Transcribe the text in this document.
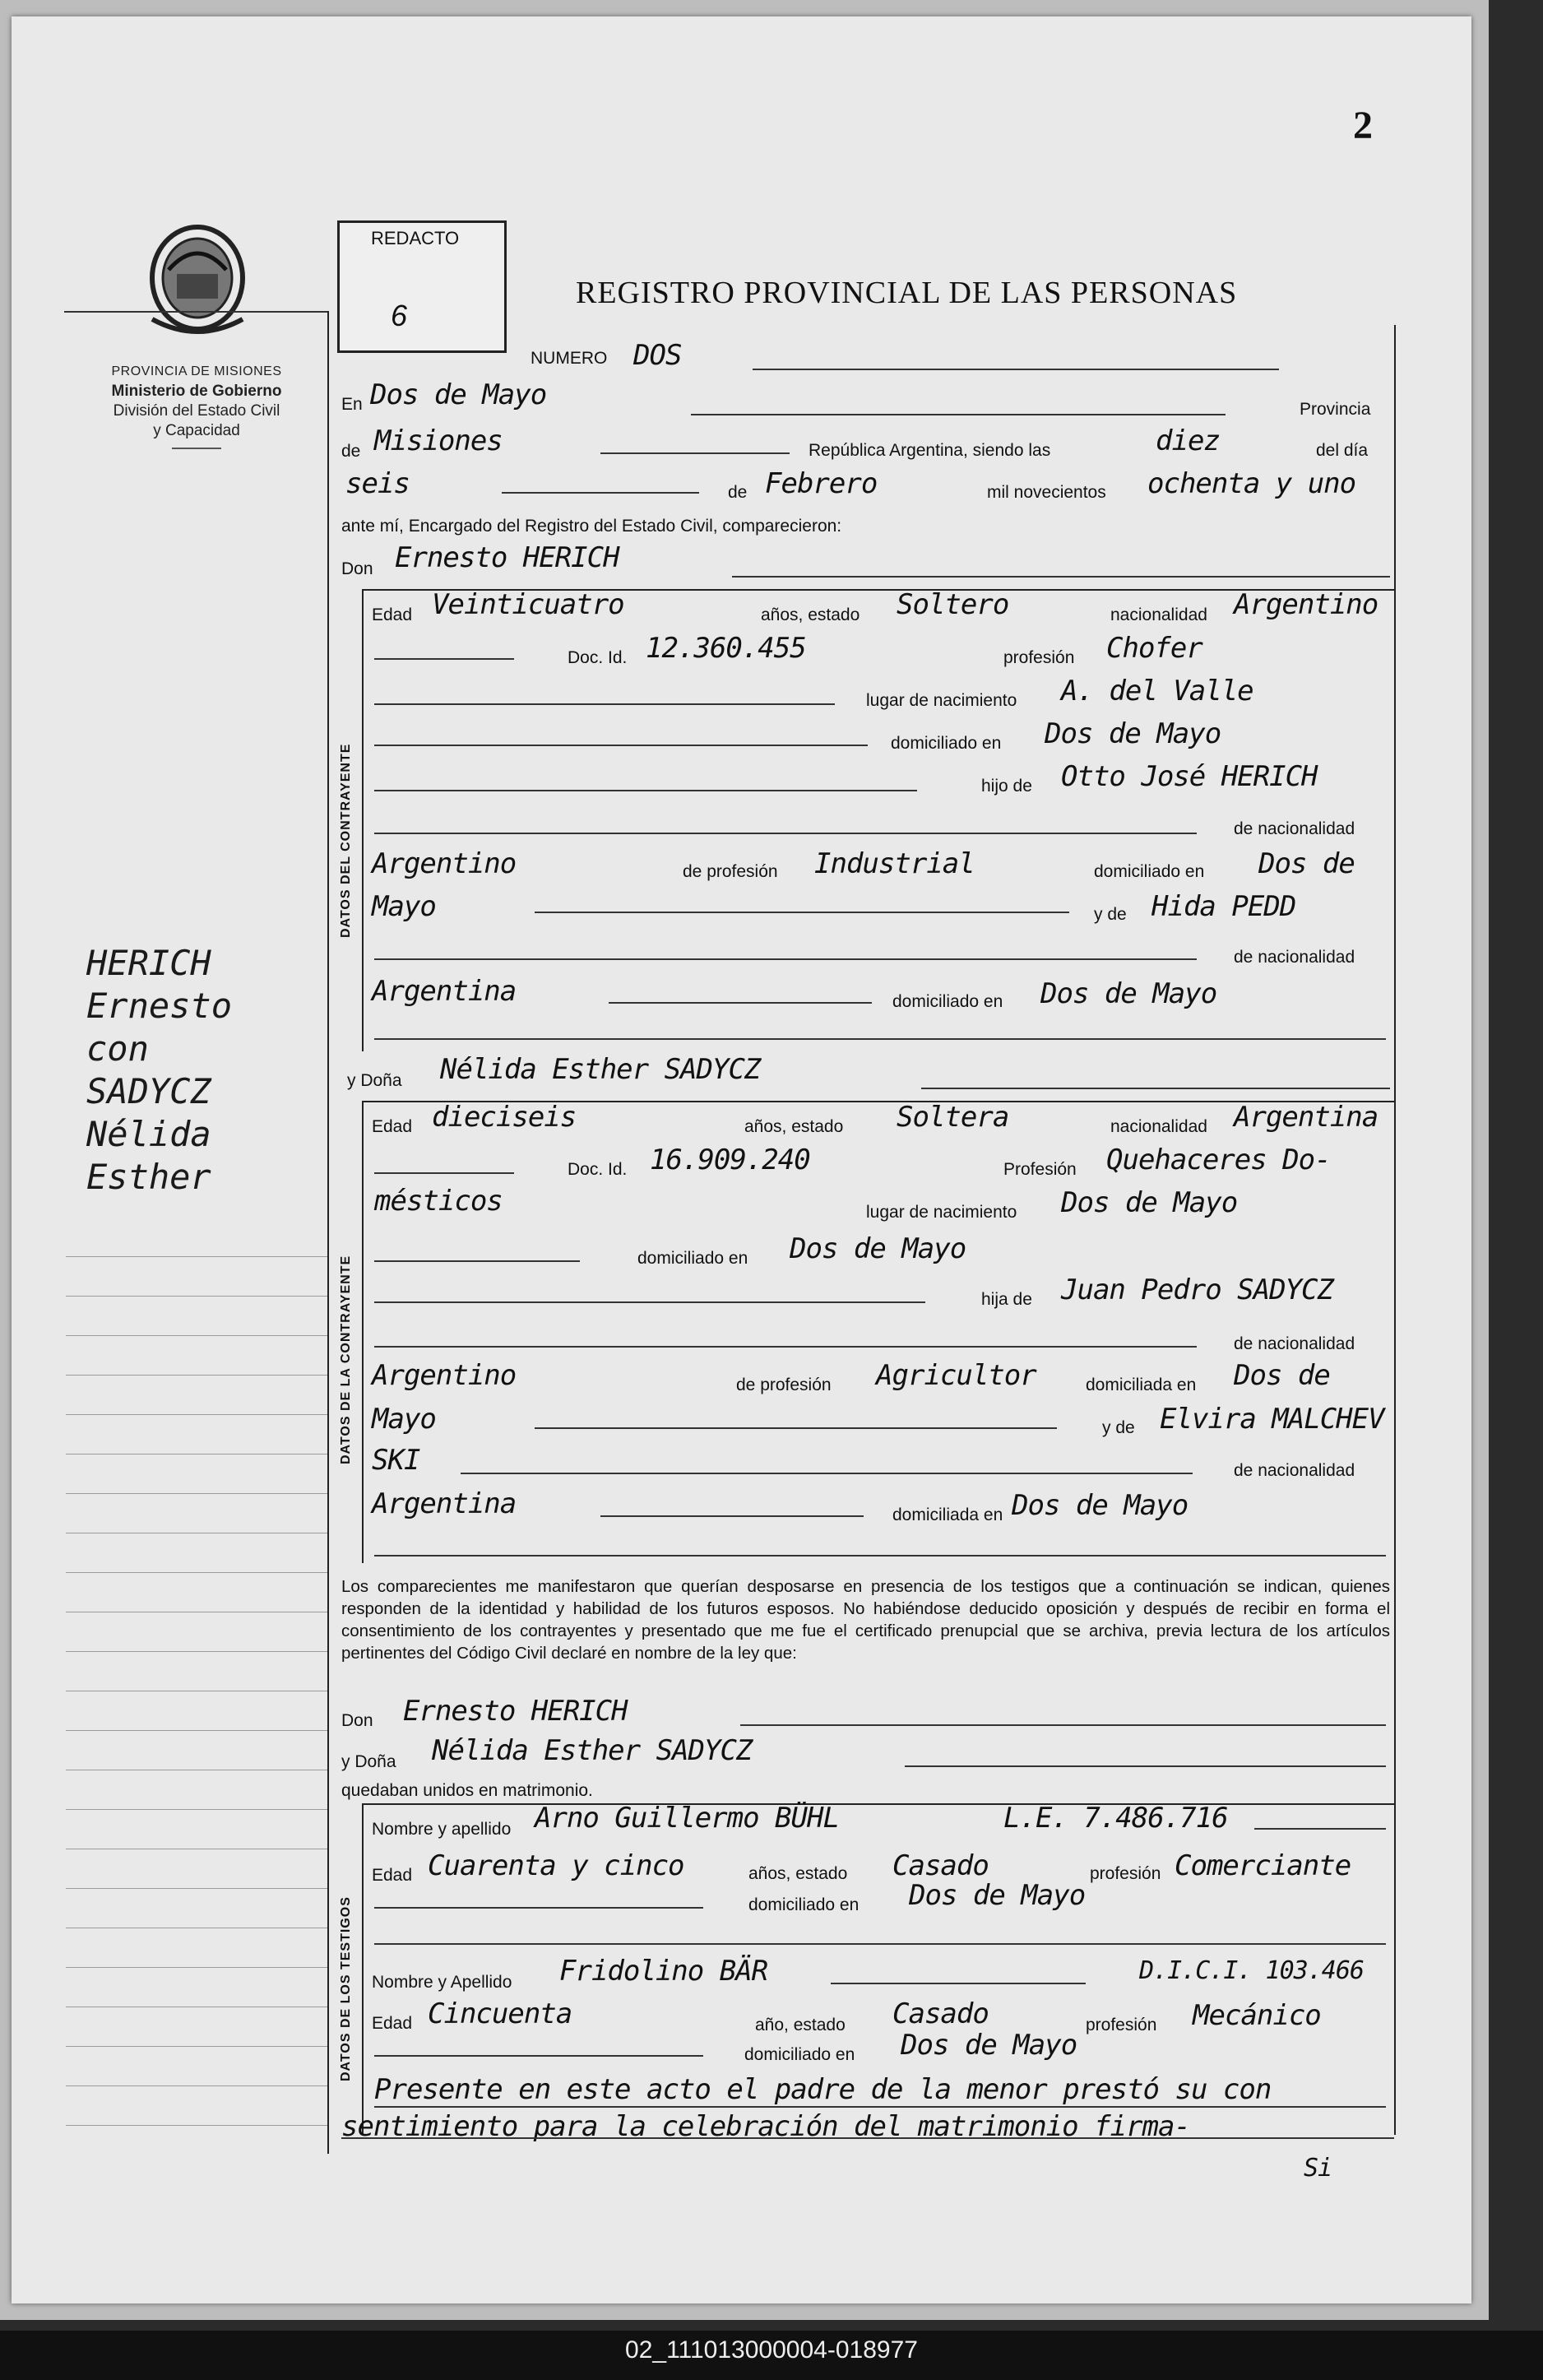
2
PROVINCIA DE MISIONES
Ministerio de Gobierno
División del Estado Civil
y Capacidad
HERICH
Ernesto
con
SADYCZ
Nélida
Esther
REDACTO
6
REGISTRO PROVINCIAL DE LAS PERSONAS
NUMERO DOS
En Dos de Mayo	Provincia
de Misiones	República Argentina, siendo las	diez	del día
seis	de Febrero	mil novecientos ochenta y uno
ante mí, Encargado del Registro del Estado Civil, comparecieron:
Don Ernesto HERICH
DATOS DEL CONTRAYENTE
Edad Veinticuatro	años, estado Soltero	nacionalidad Argentino
Doc. Id. 12.360.455	profesión Chofer
lugar de nacimiento A. del Valle
domiciliado en Dos de Mayo
hijo de Otto José HERICH
de nacionalidad
Argentino	de profesión Industrial	domiciliado en Dos de
Mayo	y de Hida PEDD
de nacionalidad
Argentina	domiciliado en Dos de Mayo
y Doña Nélida Esther SADYCZ
DATOS DE LA CONTRAYENTE
Edad dieciseis	años, estado Soltera	nacionalidad Argentina
Doc. Id. 16.909.240	Profesión Quehaceres Do-
mésticos	lugar de nacimiento Dos de Mayo
domiciliado en Dos de Mayo
hija de Juan Pedro SADYCZ
de nacionalidad
Argentino	de profesión Agricultor	domiciliada en Dos de
Mayo	y de Elvira MALCHEV
SKI	de nacionalidad
Argentina	domiciliada en Dos de Mayo
Los comparecientes me manifestaron que querían desposarse en presencia de los testigos que a continuación se indican, quienes responden de la identidad y habilidad de los futuros esposos. No habiéndose deducido oposición y después de recibir en forma el consentimiento de los contrayentes y presentado que me fue el certificado prenupcial que se archiva, previa lectura de los artículos pertinentes del Código Civil declaré en nombre de la ley que:
Don Ernesto HERICH
y Doña Nélida Esther SADYCZ
quedaban unidos en matrimonio.
DATOS DE LOS TESTIGOS
Nombre y apellido Arno Guillermo BÜHL	L.E. 7.486.716
Edad Cuarenta y cinco	años, estado Casado	profesión Comerciante
domiciliado en Dos de Mayo
Nombre y Apellido Fridolino BÄR	D.I.C.I. 103.466
Edad Cincuenta	año, estado Casado	profesión Mecánico
domiciliado en Dos de Mayo
Presente en este acto el padre de la menor prestó su con
sentimiento para la celebración del matrimonio firma-
Si
02_111013000004-018977
